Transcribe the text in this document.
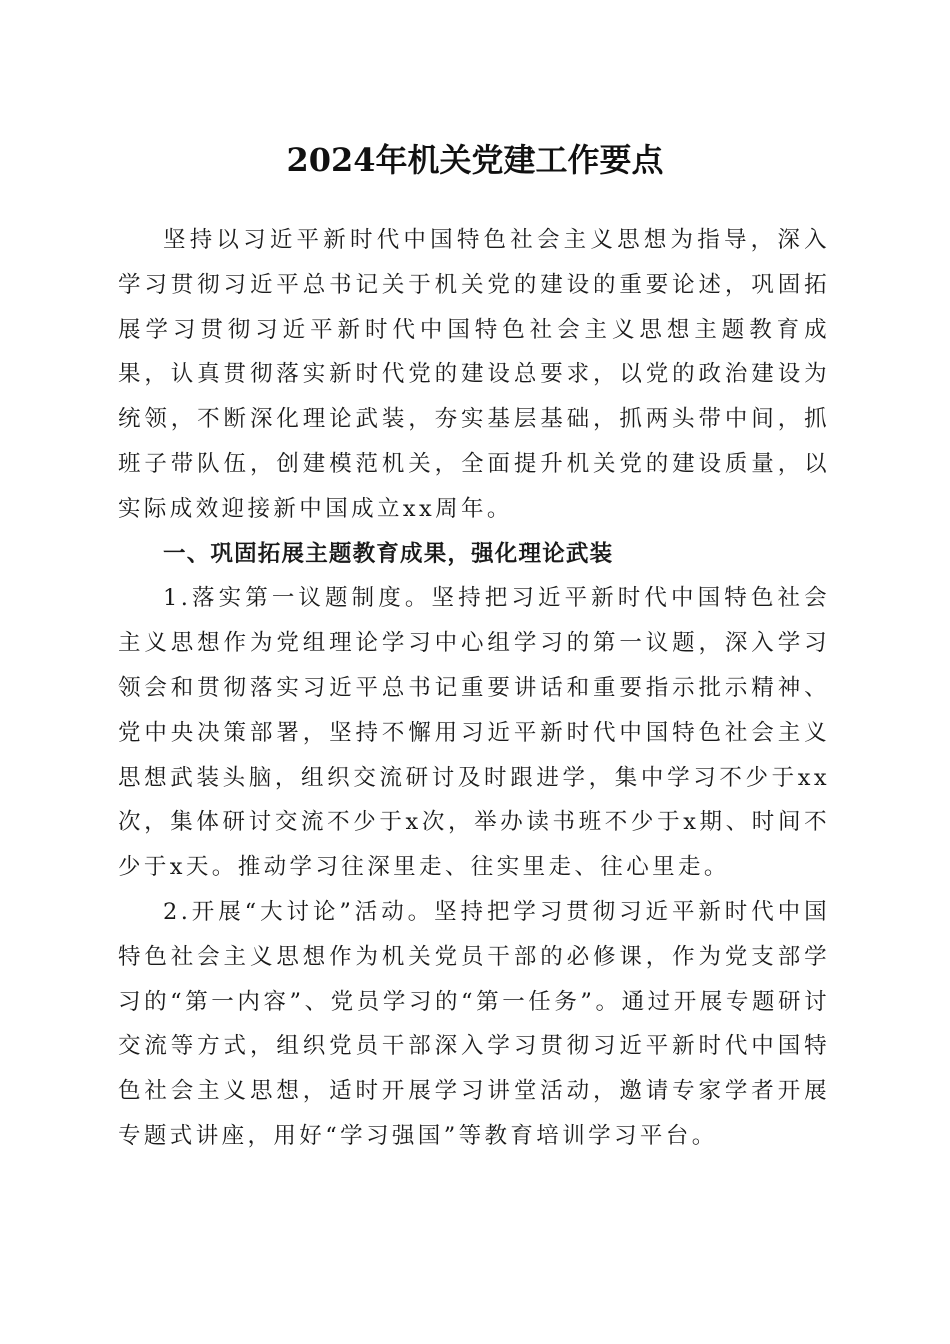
2024年机关党建工作要点

坚持以习近平新时代中国特色社会主义思想为指导，深入学习贯彻习近平总书记关于机关党的建设的重要论述，巩固拓展学习贯彻习近平新时代中国特色社会主义思想主题教育成果，认真贯彻落实新时代党的建设总要求，以党的政治建设为统领，不断深化理论武装，夯实基层基础，抓两头带中间，抓班子带队伍，创建模范机关，全面提升机关党的建设质量，以实际成效迎接新中国成立xx周年。

一、巩固拓展主题教育成果，强化理论武装

1.落实第一议题制度。坚持把习近平新时代中国特色社会主义思想作为党组理论学习中心组学习的第一议题，深入学习领会和贯彻落实习近平总书记重要讲话和重要指示批示精神、党中央决策部署，坚持不懈用习近平新时代中国特色社会主义思想武装头脑，组织交流研讨及时跟进学，集中学习不少于xx次，集体研讨交流不少于x次，举办读书班不少于x期、时间不少于x天。推动学习往深里走、往实里走、往心里走。

2.开展“大讨论”活动。坚持把学习贯彻习近平新时代中国特色社会主义思想作为机关党员干部的必修课，作为党支部学习的“第一内容”、党员学习的“第一任务”。通过开展专题研讨交流等方式，组织党员干部深入学习贯彻习近平新时代中国特色社会主义思想，适时开展学习讲堂活动，邀请专家学者开展专题式讲座，用好“学习强国”等教育培训学习平台。
